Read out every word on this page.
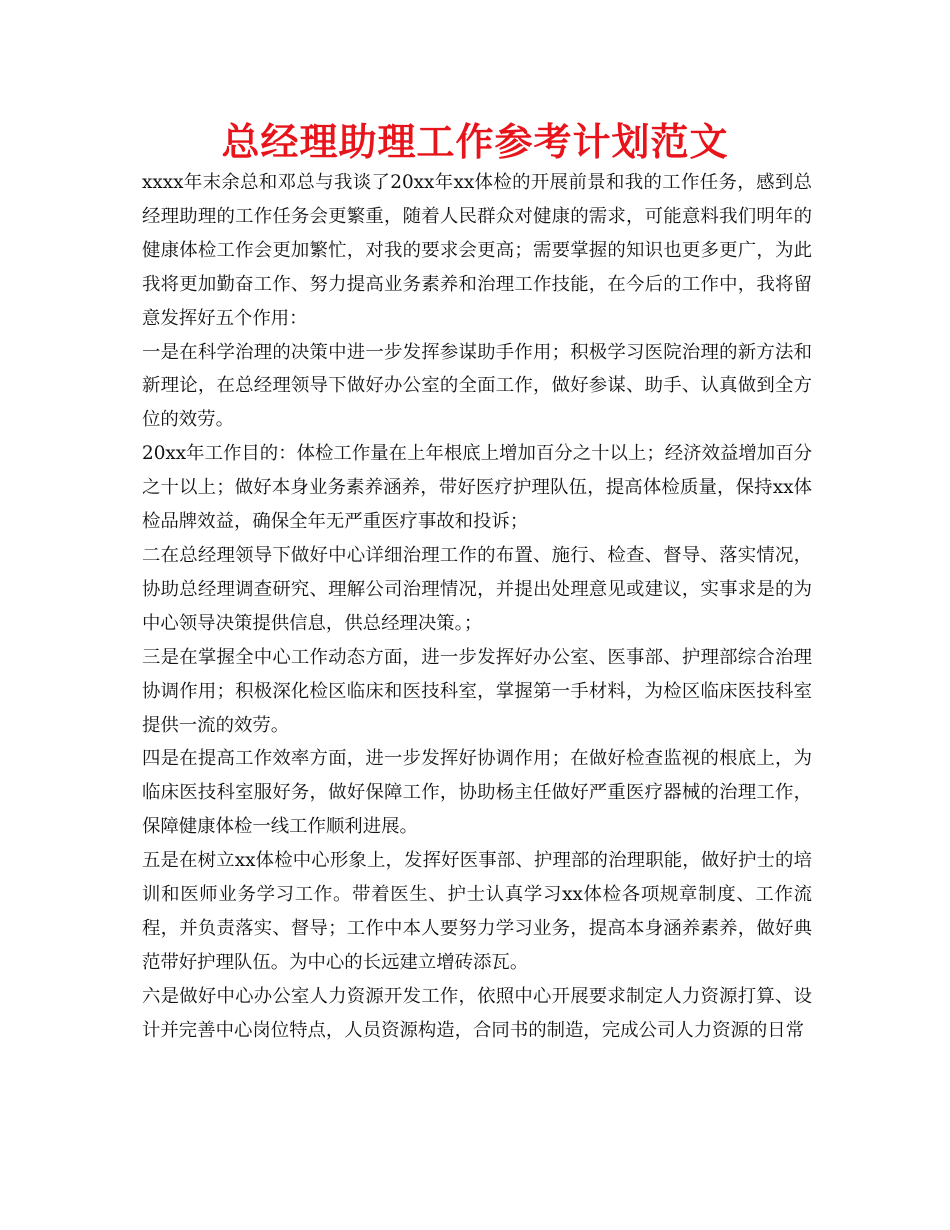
总经理助理工作参考计划范文

xxxx年末余总和邓总与我谈了20xx年xx体检的开展前景和我的工作任务，感到总经理助理的工作任务会更繁重，随着人民群众对健康的需求，可能意料我们明年的健康体检工作会更加繁忙，对我的要求会更高；需要掌握的知识也更多更广，为此我将更加勤奋工作、努力提高业务素养和治理工作技能，在今后的工作中，我将留意发挥好五个作用：

一是在科学治理的决策中进一步发挥参谋助手作用；积极学习医院治理的新方法和新理论，在总经理领导下做好办公室的全面工作，做好参谋、助手、认真做到全方位的效劳。

20xx年工作目的：体检工作量在上年根底上增加百分之十以上；经济效益增加百分之十以上；做好本身业务素养涵养，带好医疗护理队伍，提高体检质量，保持xx体检品牌效益，确保全年无严重医疗事故和投诉；

二在总经理领导下做好中心详细治理工作的布置、施行、检查、督导、落实情况，协助总经理调查研究、理解公司治理情况，并提出处理意见或建议，实事求是的为中心领导决策提供信息，供总经理决策。；

三是在掌握全中心工作动态方面，进一步发挥好办公室、医事部、护理部综合治理协调作用；积极深化检区临床和医技科室，掌握第一手材料，为检区临床医技科室提供一流的效劳。

四是在提高工作效率方面，进一步发挥好协调作用；在做好检查监视的根底上，为临床医技科室服好务，做好保障工作，协助杨主任做好严重医疗器械的治理工作，保障健康体检一线工作顺利进展。

五是在树立xx体检中心形象上，发挥好医事部、护理部的治理职能，做好护士的培训和医师业务学习工作。带着医生、护士认真学习xx体检各项规章制度、工作流程，并负责落实、督导；工作中本人要努力学习业务，提高本身涵养素养，做好典范带好护理队伍。为中心的长远建立增砖添瓦。

六是做好中心办公室人力资源开发工作，依照中心开展要求制定人力资源打算、设计并完善中心岗位特点，人员资源构造，合同书的制造，完成公司人力资源的日常
